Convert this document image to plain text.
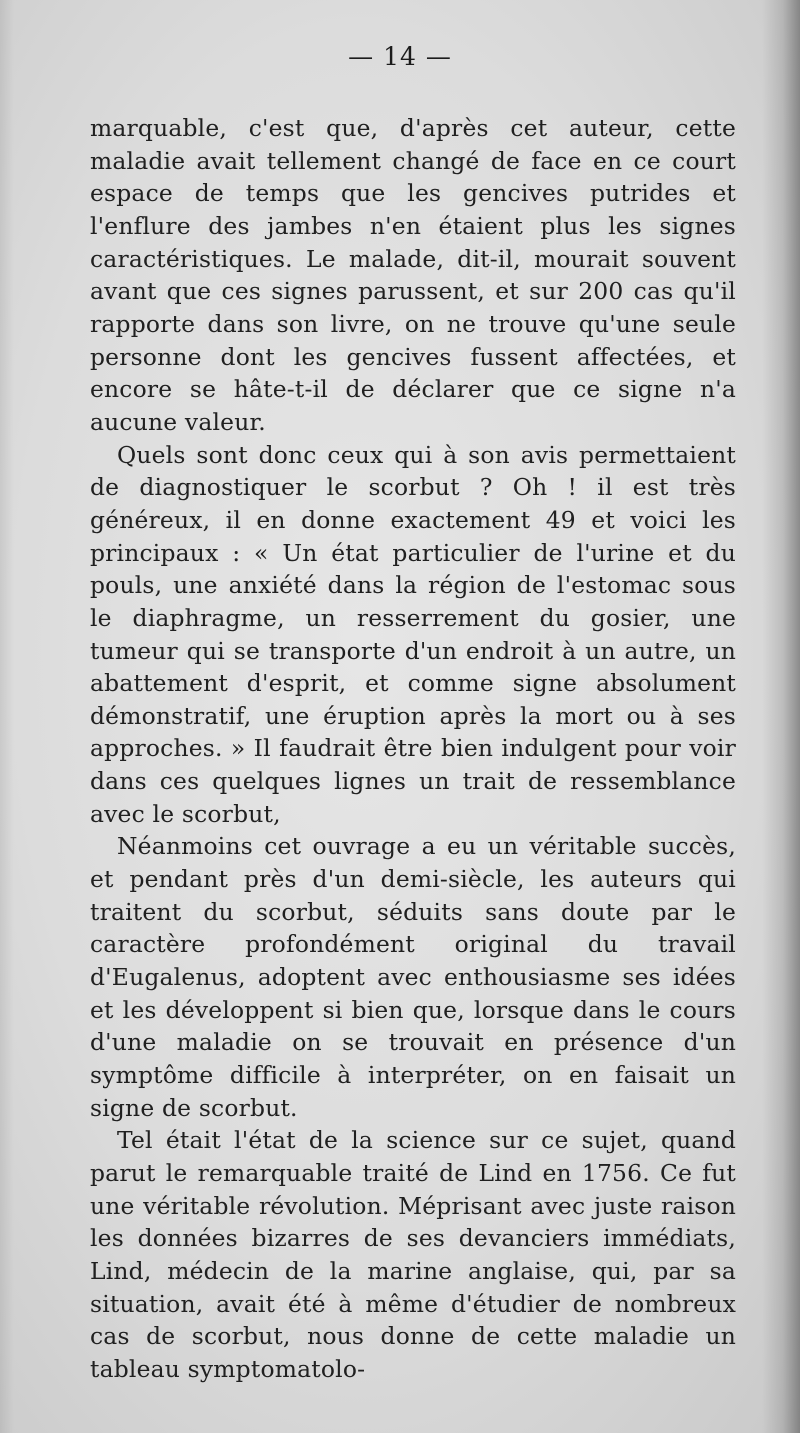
— 14 —

marquable, c'est que, d'après cet auteur, cette maladie avait tellement changé de face en ce court espace de temps que les gencives putrides et l'enflure des jambes n'en étaient plus les signes caractéristiques. Le malade, dit-il, mourait souvent avant que ces signes parussent, et sur 200 cas qu'il rapporte dans son livre, on ne trouve qu'une seule personne dont les gencives fussent affectées, et encore se hâte-t-il de déclarer que ce signe n'a aucune valeur.

Quels sont donc ceux qui à son avis permettaient de diagnostiquer le scorbut ? Oh ! il est très généreux, il en donne exactement 49 et voici les principaux : « Un état particulier de l'urine et du pouls, une anxiété dans la région de l'estomac sous le diaphragme, un resserrement du gosier, une tumeur qui se transporte d'un endroit à un autre, un abattement d'esprit, et comme signe absolument démonstratif, une éruption après la mort ou à ses approches. » Il faudrait être bien indulgent pour voir dans ces quelques lignes un trait de ressemblance avec le scorbut,

Néanmoins cet ouvrage a eu un véritable succès, et pendant près d'un demi-siècle, les auteurs qui traitent du scorbut, séduits sans doute par le caractère profondément original du travail d'Eugalenus, adoptent avec enthousiasme ses idées et les développent si bien que, lorsque dans le cours d'une maladie on se trouvait en présence d'un symptôme difficile à interpréter, on en faisait un signe de scorbut.

Tel était l'état de la science sur ce sujet, quand parut le remarquable traité de Lind en 1756. Ce fut une véritable révolution. Méprisant avec juste raison les données bizarres de ses devanciers immédiats, Lind, médecin de la marine anglaise, qui, par sa situation, avait été à même d'étudier de nombreux cas de scorbut, nous donne de cette maladie un tableau symptomatolo-
